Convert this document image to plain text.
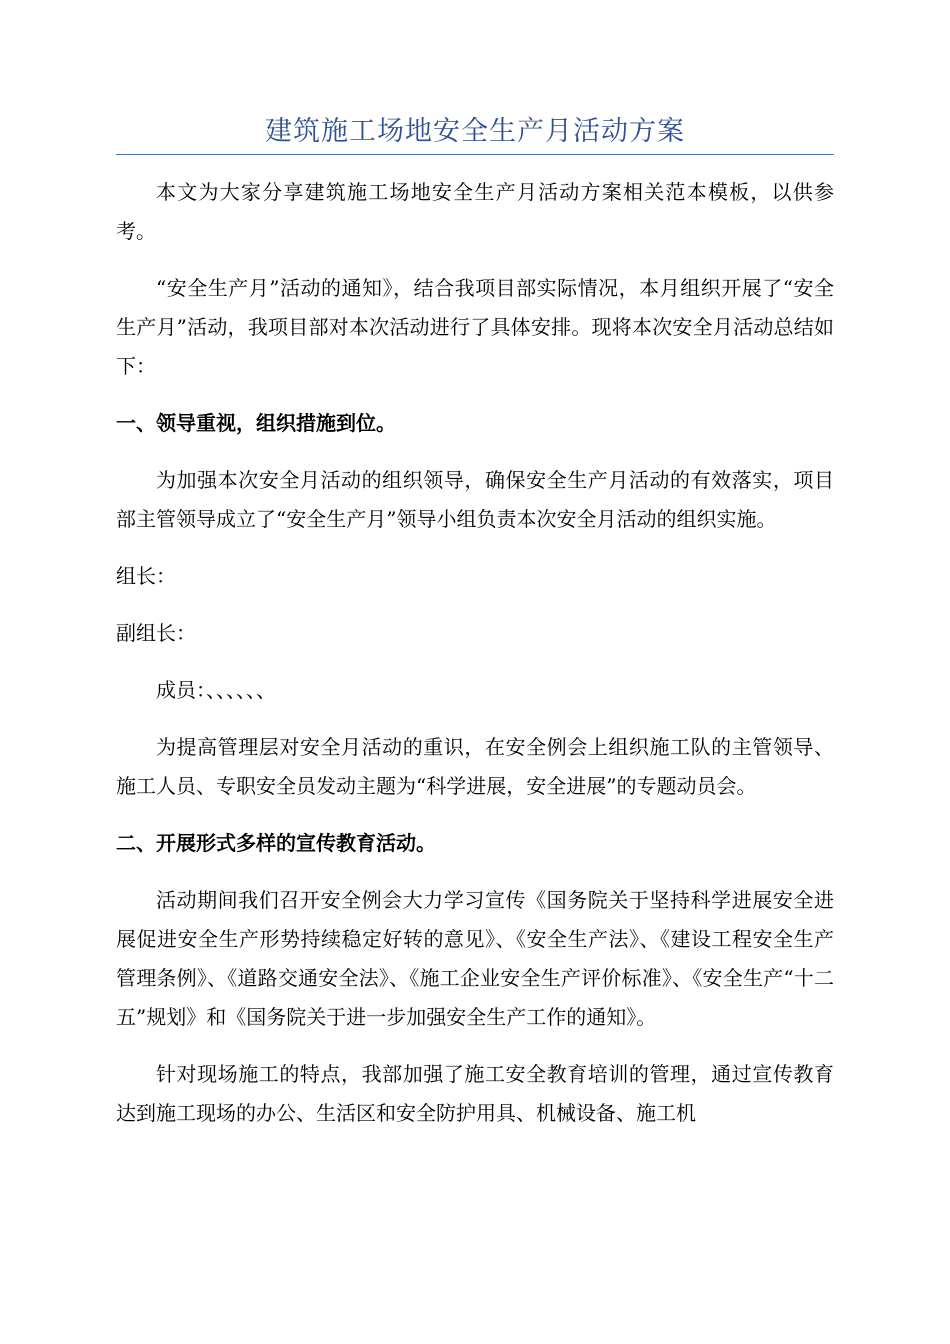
建筑施工场地安全生产月活动方案

本文为大家分享建筑施工场地安全生产月活动方案相关范本模板，以供参考。

“安全生产月”活动的通知》，结合我项目部实际情况，本月组织开展了“安全生产月”活动，我项目部对本次活动进行了具体安排。现将本次安全月活动总结如下：

一、领导重视，组织措施到位。

为加强本次安全月活动的组织领导，确保安全生产月活动的有效落实，项目部主管领导成立了“安全生产月”领导小组负责本次安全月活动的组织实施。

组长：

副组长：

成员：、、、、、、

为提高管理层对安全月活动的重识，在安全例会上组织施工队的主管领导、施工人员、专职安全员发动主题为“科学进展，安全进展”的专题动员会。

二、开展形式多样的宣传教育活动。

活动期间我们召开安全例会大力学习宣传《国务院关于坚持科学进展安全进展促进安全生产形势持续稳定好转的意见》、《安全生产法》、《建设工程安全生产管理条例》、《道路交通安全法》、《施工企业安全生产评价标准》、《安全生产“十二五”规划》和《国务院关于进一步加强安全生产工作的通知》。

针对现场施工的特点，我部加强了施工安全教育培训的管理，通过宣传教育达到施工现场的办公、生活区和安全防护用具、机械设备、施工机
